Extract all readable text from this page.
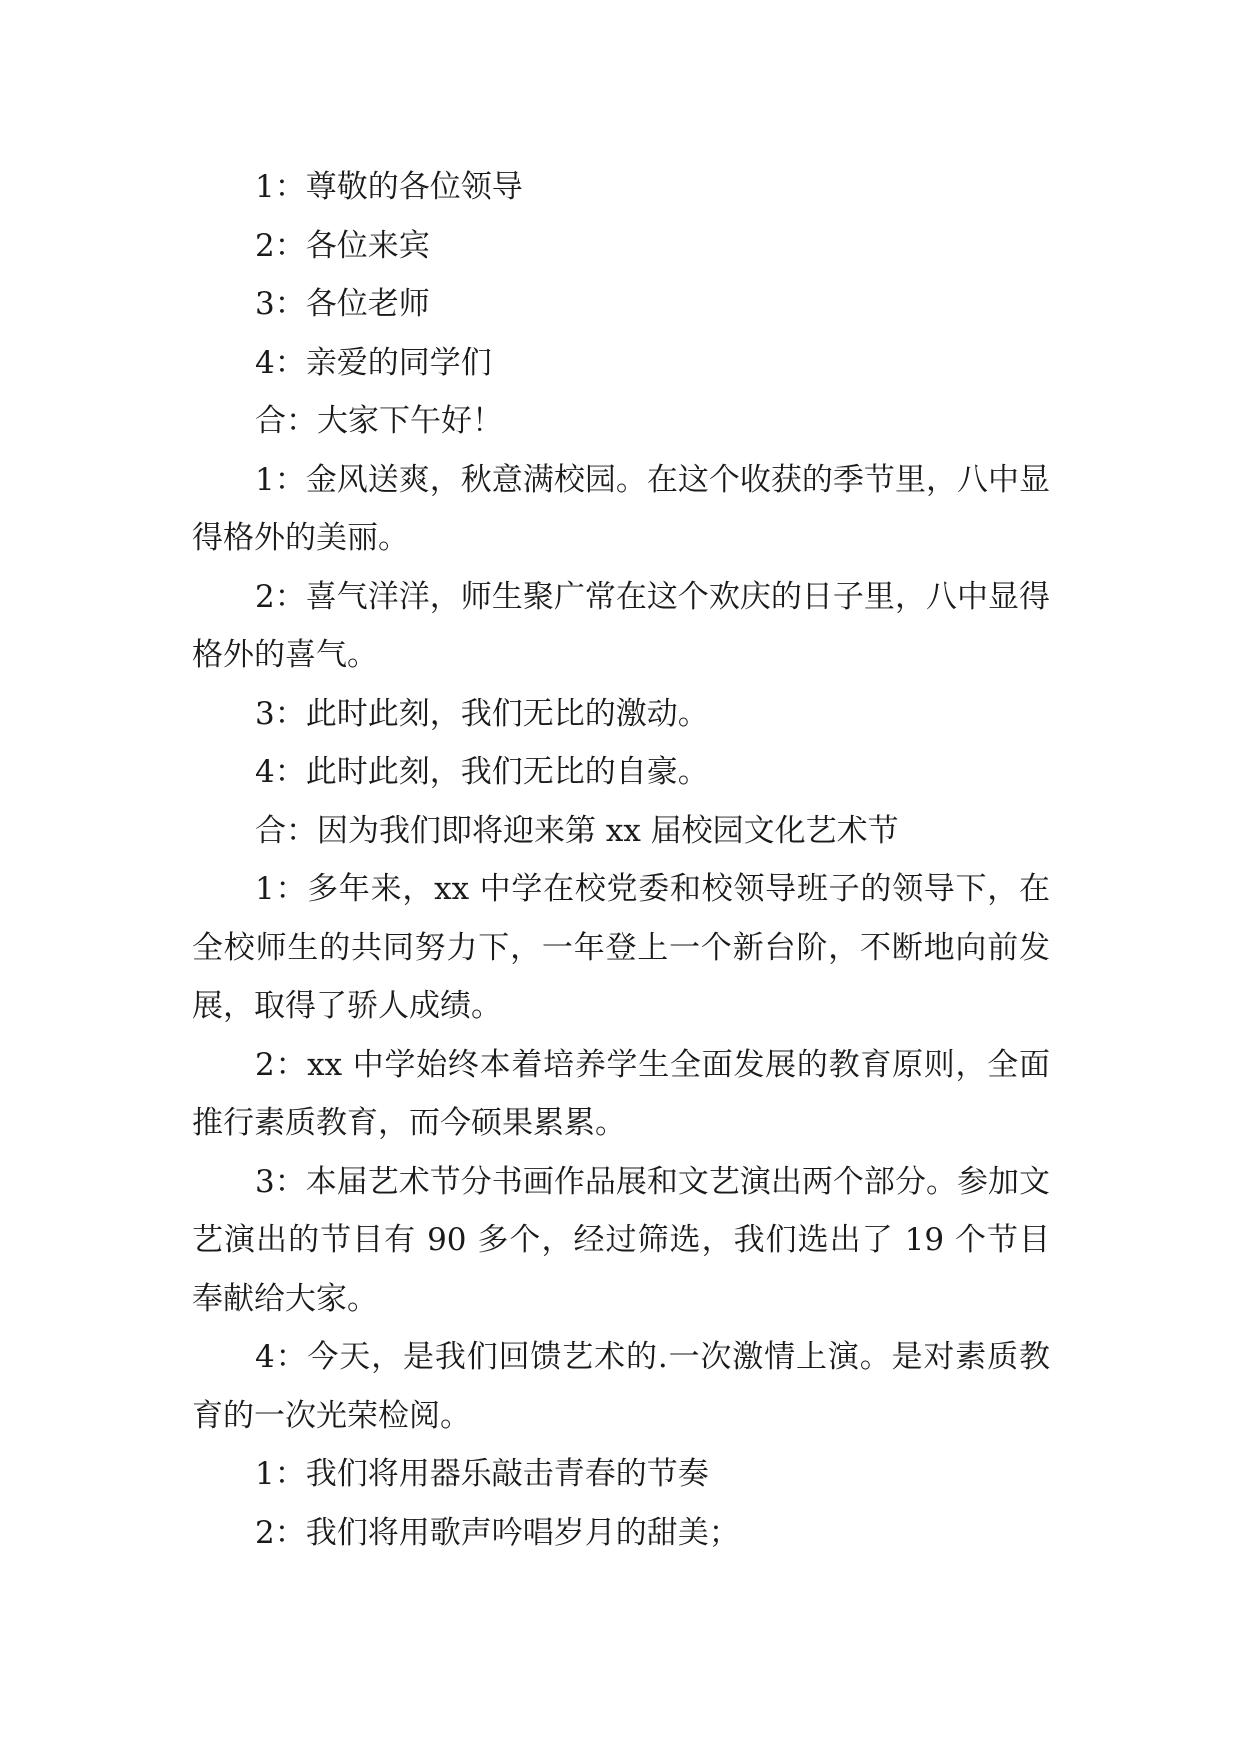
1：尊敬的各位领导

2：各位来宾

3：各位老师

4：亲爱的同学们

合：大家下午好！

1：金风送爽，秋意满校园。在这个收获的季节里，八中显得格外的美丽。

2：喜气洋洋，师生聚广常在这个欢庆的日子里，八中显得格外的喜气。

3：此时此刻，我们无比的激动。

4：此时此刻，我们无比的自豪。

合：因为我们即将迎来第 xx 届校园文化艺术节

1：多年来，xx 中学在校党委和校领导班子的领导下，在全校师生的共同努力下，一年登上一个新台阶，不断地向前发展，取得了骄人成绩。

2：xx 中学始终本着培养学生全面发展的教育原则，全面推行素质教育，而今硕果累累。

3：本届艺术节分书画作品展和文艺演出两个部分。参加文艺演出的节目有 90 多个，经过筛选，我们选出了 19 个节目奉献给大家。

4：今天，是我们回馈艺术的.一次激情上演。是对素质教育的一次光荣检阅。

1：我们将用器乐敲击青春的节奏

2：我们将用歌声吟唱岁月的甜美；
